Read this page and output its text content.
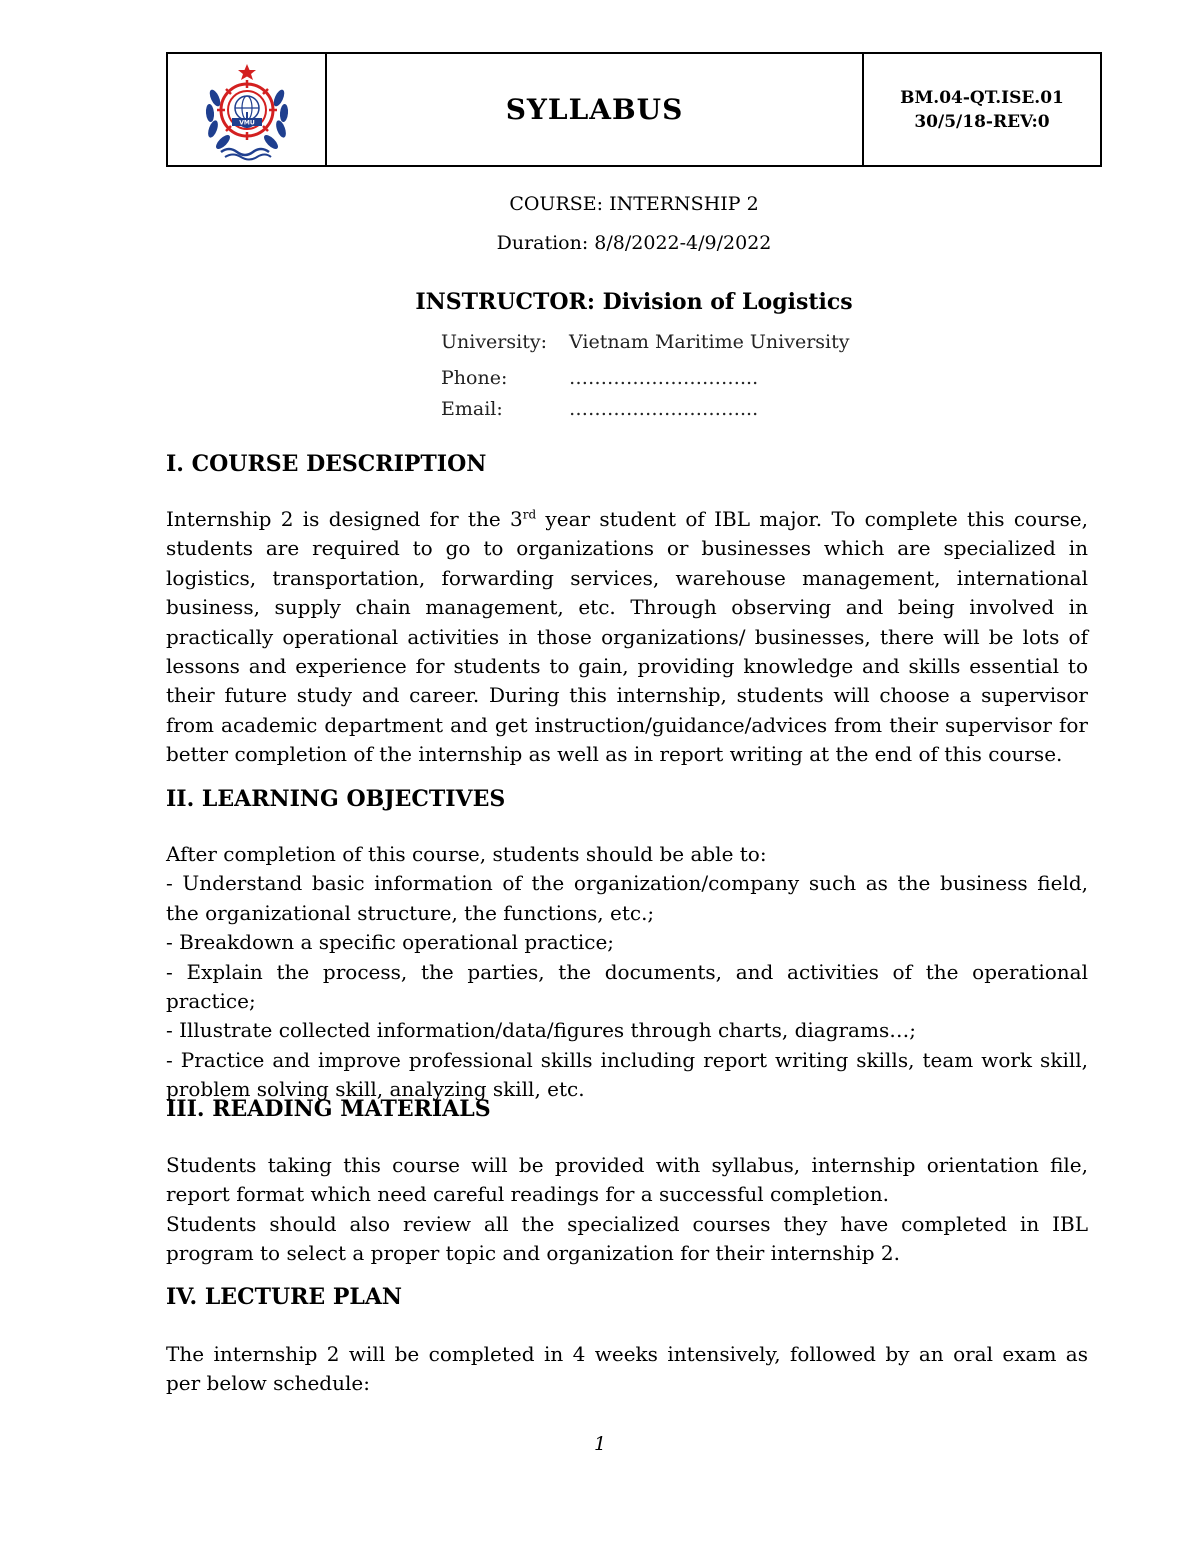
VMU	SYLLABUS	BM.04-QT.ISE.01
30/5/18-REV:0
COURSE: INTERNSHIP 2
Duration: 8/8/2022-4/9/2022
INSTRUCTOR: Division of Logistics
University: Vietnam Maritime University
Phone:	………………………...
Email:	………………………...
I. COURSE DESCRIPTION
Internship 2 is designed for the 3rd year student of IBL major. To complete this course,
students are required to go to organizations or businesses which are specialized in
logistics, transportation, forwarding services, warehouse management, international
business, supply chain management, etc. Through observing and being involved in
practically operational activities in those organizations/ businesses, there will be lots of
lessons and experience for students to gain, providing knowledge and skills essential to
their future study and career. During this internship, students will choose a supervisor
from academic department and get instruction/guidance/advices from their supervisor for
better completion of the internship as well as in report writing at the end of this course.
II. LEARNING OBJECTIVES
After completion of this course, students should be able to:
- Understand basic information of the organization/company such as the business field,
the organizational structure, the functions, etc.;
- Breakdown a specific operational practice;
- Explain the process, the parties, the documents, and activities of the operational practice;
- Illustrate collected information/data/figures through charts, diagrams…;
- Practice and improve professional skills including report writing skills, team work skill,
problem solving skill, analyzing skill, etc.
III. READING MATERIALS
Students taking this course will be provided with syllabus, internship orientation file,
report format which need careful readings for a successful completion.
Students should also review all the specialized courses they have completed in IBL
program to select a proper topic and organization for their internship 2.
IV. LECTURE PLAN
The internship 2 will be completed in 4 weeks intensively, followed by an oral exam as
per below schedule:
1
